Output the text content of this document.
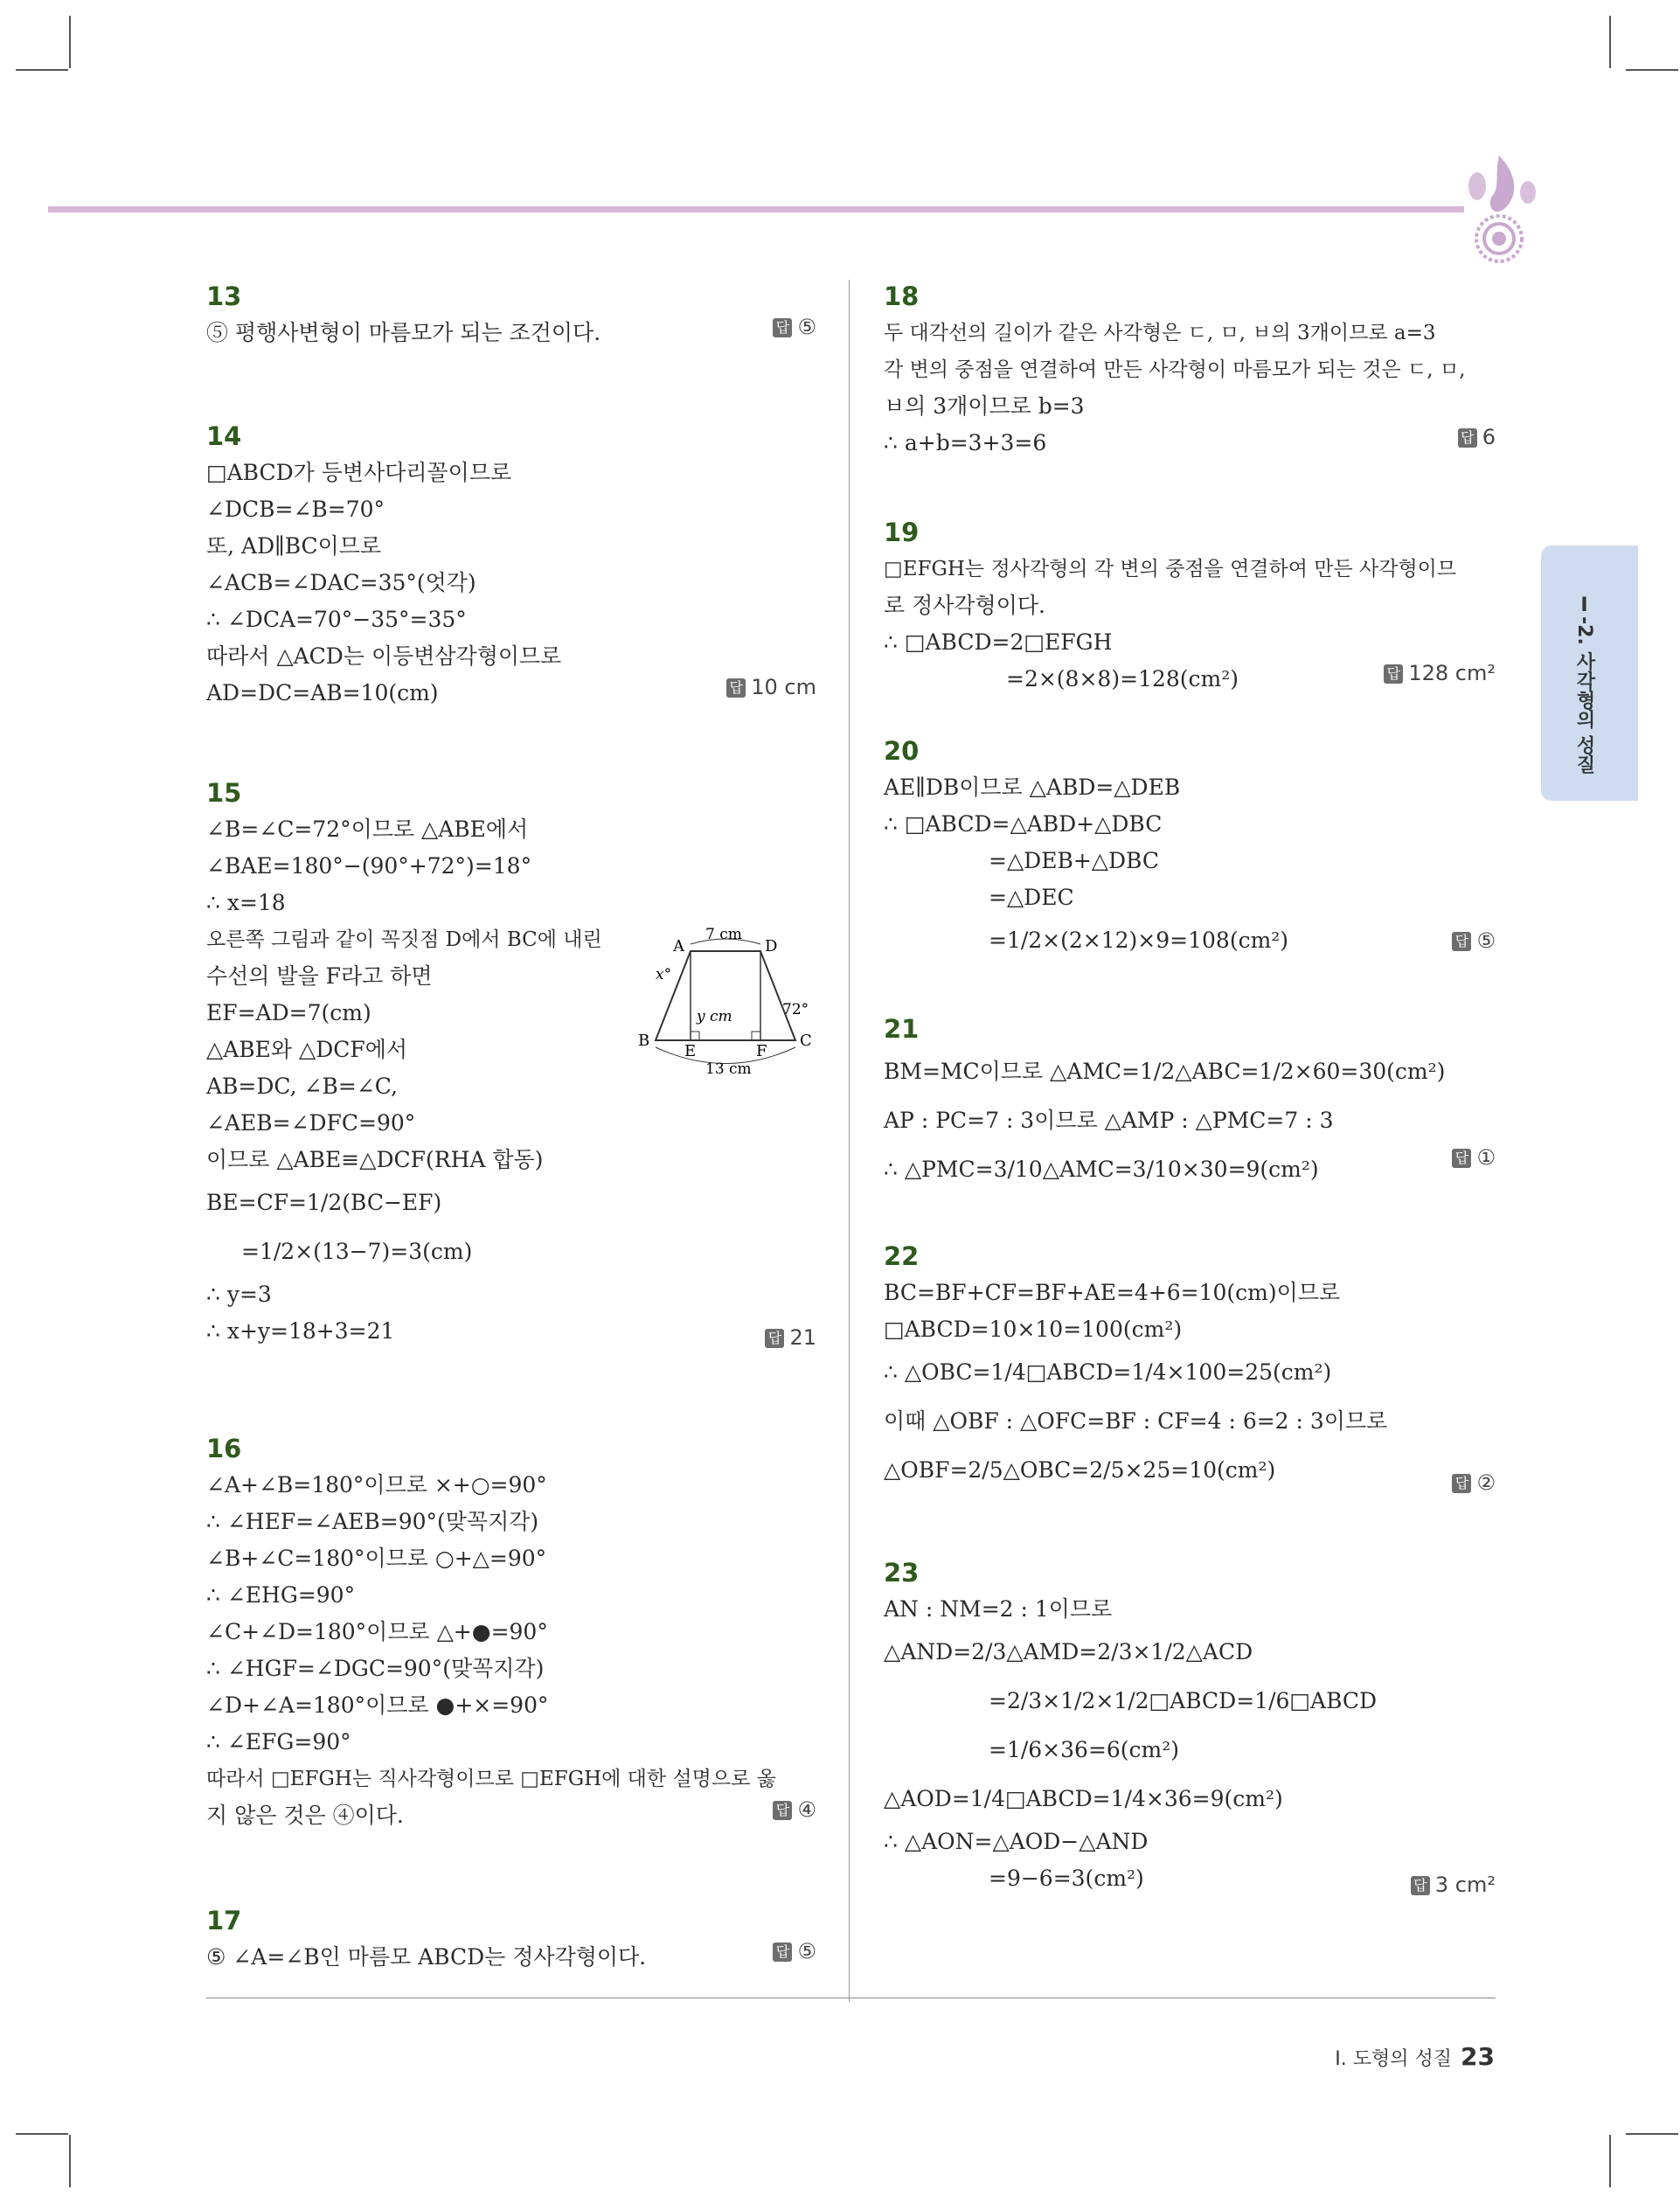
Ⅰ-2. 사각형의 성질
13
⑤ 평행사변형이 마름모가 되는 조건이다.	답 ⑤
14
□ABCD가 등변사다리꼴이므로
∠DCB=∠B=70°
또, AD∥BC이므로
∠ACB=∠DAC=35°(엇각)
∴ ∠DCA=70°−35°=35°
따라서 △ACD는 이등변삼각형이므로
AD=DC=AB=10(cm)	답 10 cm
15
∠B=∠C=72°이므로 △ABE에서
∠BAE=180°−(90°+72°)=18°
∴ x=18
오른쪽 그림과 같이 꼭짓점 D에서 BC에 내린
수선의 발을 F라고 하면
EF=AD=7(cm)
△ABE와 △DCF에서
AB=DC, ∠B=∠C,
∠AEB=∠DFC=90°
이므로 △ABE≡△DCF(RHA 합동)
BE=CF=1/2(BC−EF)
=1/2×(13−7)=3(cm)
∴ y=3
∴ x+y=18+3=21	답 21
16
∠A+∠B=180°이므로 ×+○=90°
∴ ∠HEF=∠AEB=90°(맞꼭지각)
∠B+∠C=180°이므로 ○+△=90°
∴ ∠EHG=90°
∠C+∠D=180°이므로 △+●=90°
∴ ∠HGF=∠DGC=90°(맞꼭지각)
∠D+∠A=180°이므로 ●+×=90°
∴ ∠EFG=90°
따라서 □EFGH는 직사각형이므로 □EFGH에 대한 설명으로 옳
지 않은 것은 ④이다.	답 ④
17
⑤ ∠A=∠B인 마름모 ABCD는 정사각형이다.	답 ⑤
A	D
B	C
E	F
7 cm
13 cm
x°
y cm	72°
18
두 대각선의 길이가 같은 사각형은 ㄷ, ㅁ, ㅂ의 3개이므로 a=3
각 변의 중점을 연결하여 만든 사각형이 마름모가 되는 것은 ㄷ, ㅁ,
ㅂ의 3개이므로 b=3
∴ a+b=3+3=6	답 6
19
□EFGH는 정사각형의 각 변의 중점을 연결하여 만든 사각형이므
로 정사각형이다.
∴ □ABCD=2□EFGH
=2×(8×8)=128(cm²)	답 128 cm²
20
AE∥DB이므로 △ABD=△DEB
∴ □ABCD=△ABD+△DBC
=△DEB+△DBC
=△DEC
=1/2×(2×12)×9=108(cm²)	답 ⑤
21
BM=MC이므로 △AMC=1/2△ABC=1/2×60=30(cm²)
AP : PC=7 : 3이므로 △AMP : △PMC=7 : 3
∴ △PMC=3/10△AMC=3/10×30=9(cm²)	답 ①
22
BC=BF+CF=BF+AE=4+6=10(cm)이므로
□ABCD=10×10=100(cm²)
∴ △OBC=1/4□ABCD=1/4×100=25(cm²)
이때 △OBF : △OFC=BF : CF=4 : 6=2 : 3이므로
△OBF=2/5△OBC=2/5×25=10(cm²)
답 ②
23
AN : NM=2 : 1이므로
△AND=2/3△AMD=2/3×1/2△ACD
=2/3×1/2×1/2□ABCD=1/6□ABCD
=1/6×36=6(cm²)
△AOD=1/4□ABCD=1/4×36=9(cm²)
∴ △AON=△AOD−△AND
=9−6=3(cm²)	답 3 cm²
Ⅰ. 도형의 성질 23
